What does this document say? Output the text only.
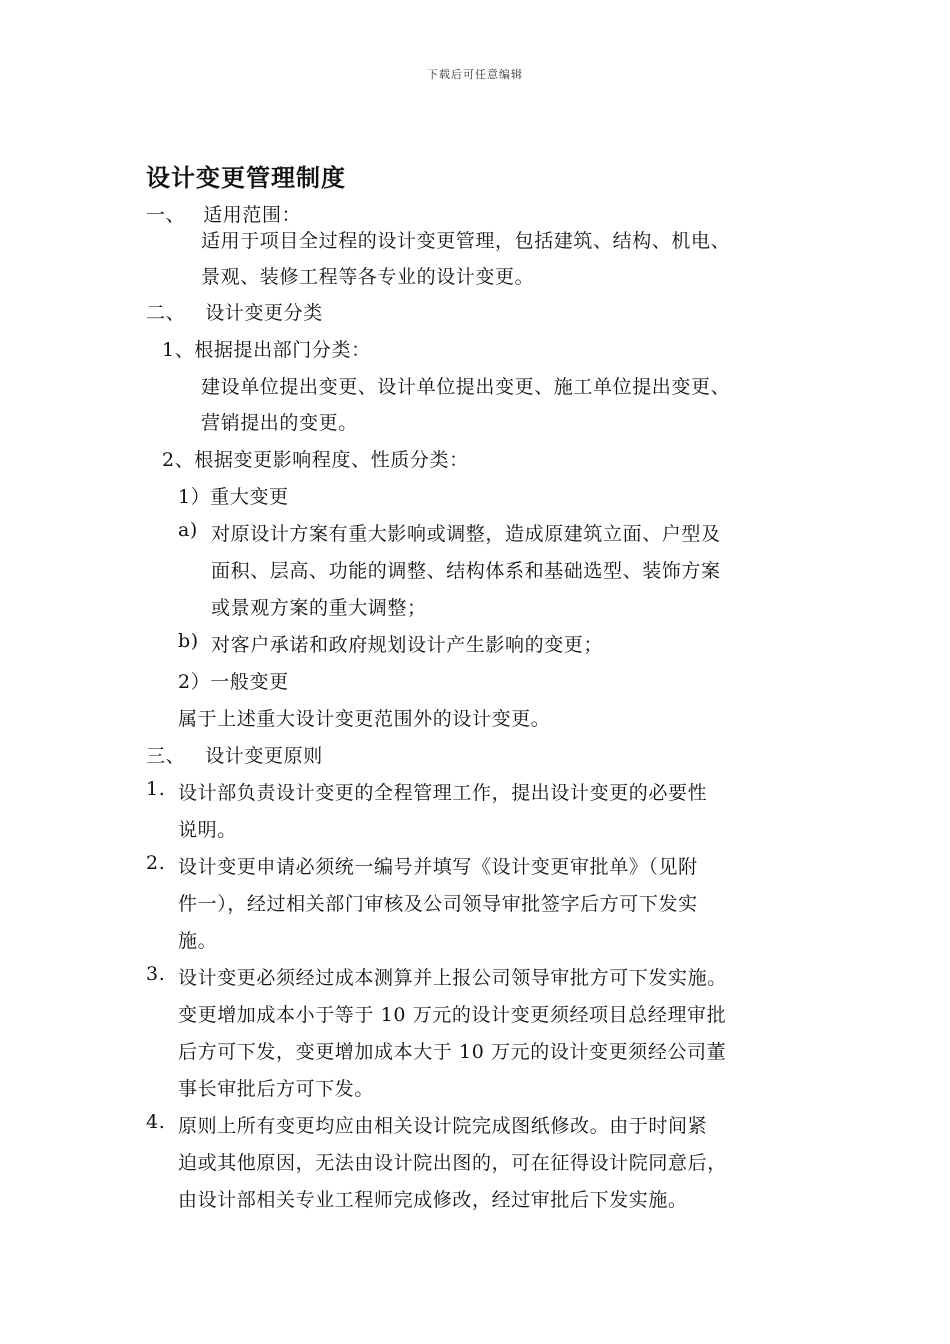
下载后可任意编辑
设计变更管理制度
一、 适用范围：
适用于项目全过程的设计变更管理，包括建筑、结构、机电、
景观、装修工程等各专业的设计变更。
二、 设计变更分类
1、根据提出部门分类：
建设单位提出变更、设计单位提出变更、施工单位提出变更、
营销提出的变更。
2、根据变更影响程度、性质分类：
1）重大变更
a) 对原设计方案有重大影响或调整，造成原建筑立面、户型及
面积、层高、功能的调整、结构体系和基础选型、装饰方案
或景观方案的重大调整；
b) 对客户承诺和政府规划设计产生影响的变更；
2）一般变更
属于上述重大设计变更范围外的设计变更。
三、 设计变更原则
1. 设计部负责设计变更的全程管理工作，提出设计变更的必要性
说明。
2. 设计变更申请必须统一编号并填写《设计变更审批单》（见附
件一），经过相关部门审核及公司领导审批签字后方可下发实
施。
3. 设计变更必须经过成本测算并上报公司领导审批方可下发实施。
变更增加成本小于等于 10 万元的设计变更须经项目总经理审批
后方可下发，变更增加成本大于 10 万元的设计变更须经公司董
事长审批后方可下发。
4. 原则上所有变更均应由相关设计院完成图纸修改。由于时间紧
迫或其他原因，无法由设计院出图的，可在征得设计院同意后，
由设计部相关专业工程师完成修改，经过审批后下发实施。
